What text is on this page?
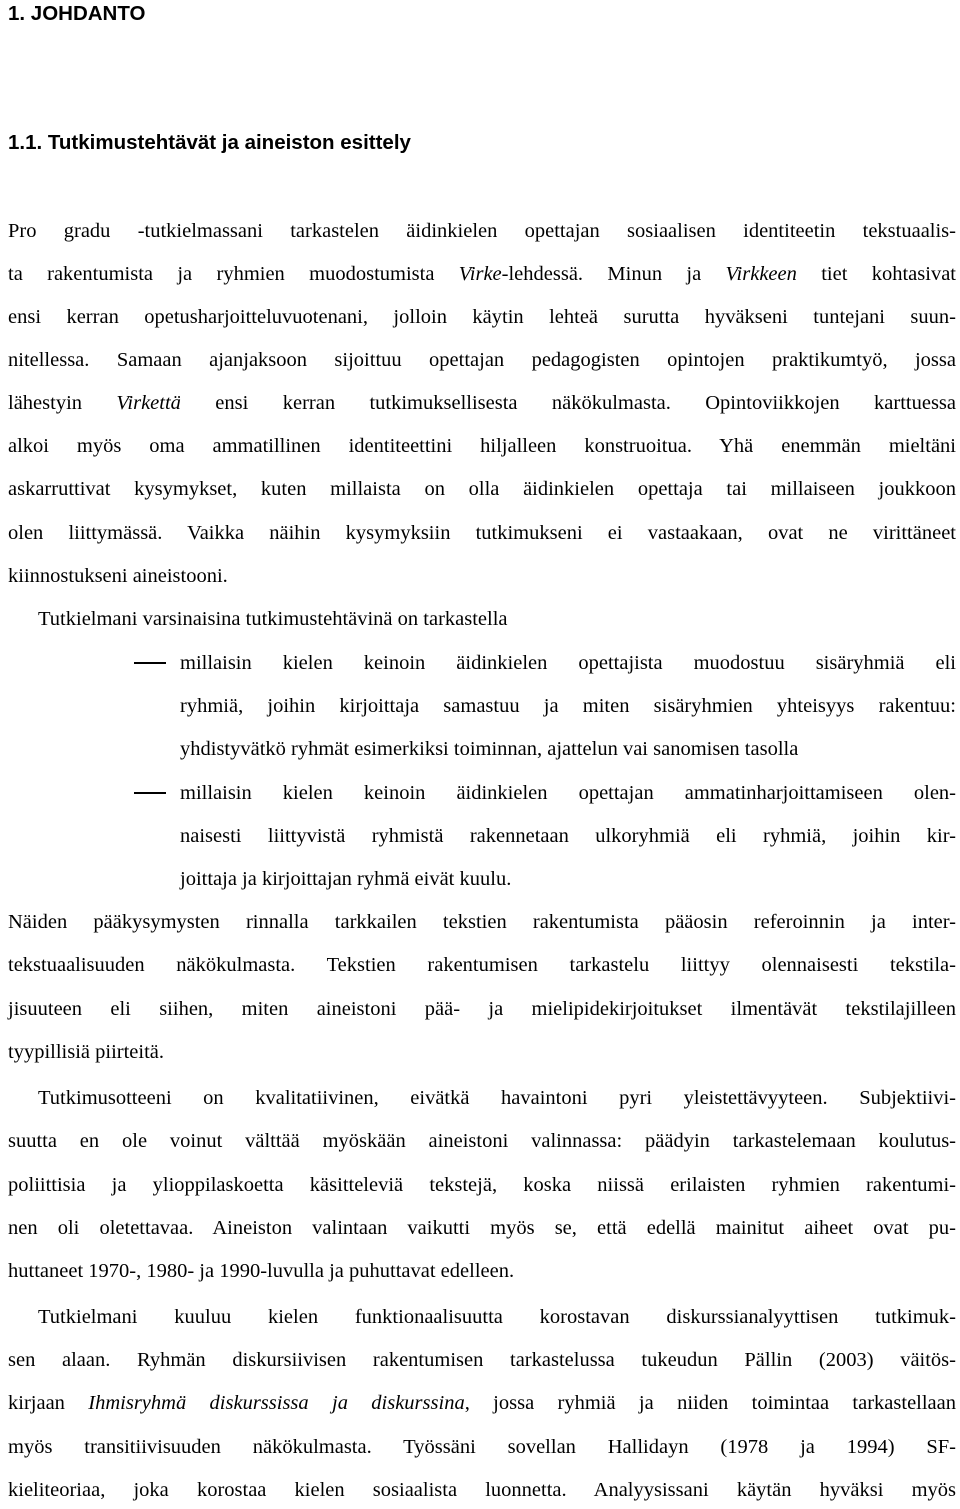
1. JOHDANTO
1.1. Tutkimustehtävät ja aineiston esittely
Pro gradu -tutkielmassani tarkastelen äidinkielen opettajan sosiaalisen identiteetin tekstuaalis-
ta rakentumista ja ryhmien muodostumista Virke-lehdessä. Minun ja Virkkeen tiet kohtasivat
ensi kerran opetusharjoitteluvuotenani, jolloin käytin lehteä surutta hyväkseni tuntejani suun-
nitellessa. Samaan ajanjaksoon sijoittuu opettajan pedagogisten opintojen praktikumtyö, jossa
lähestyin Virkettä ensi kerran tutkimuksellisesta näkökulmasta. Opintoviikkojen karttuessa
alkoi myös oma ammatillinen identiteettini hiljalleen konstruoitua. Yhä enemmän mieltäni
askarruttivat kysymykset, kuten millaista on olla äidinkielen opettaja tai millaiseen joukkoon
olen liittymässä. Vaikka näihin kysymyksiin tutkimukseni ei vastaakaan, ovat ne virittäneet
kiinnostukseni aineistooni.
Tutkielmani varsinaisina tutkimustehtävinä on tarkastella
millaisin kielen keinoin äidinkielen opettajista muodostuu sisäryhmiä eli
ryhmiä, joihin kirjoittaja samastuu ja miten sisäryhmien yhteisyys rakentuu:
yhdistyvätkö ryhmät esimerkiksi toiminnan, ajattelun vai sanomisen tasolla
millaisin kielen keinoin äidinkielen opettajan ammatinharjoittamiseen olen-
naisesti liittyvistä ryhmistä rakennetaan ulkoryhmiä eli ryhmiä, joihin kir-
joittaja ja kirjoittajan ryhmä eivät kuulu.
Näiden pääkysymysten rinnalla tarkkailen tekstien rakentumista pääosin referoinnin ja inter-
tekstuaalisuuden näkökulmasta. Tekstien rakentumisen tarkastelu liittyy olennaisesti tekstila-
jisuuteen eli siihen, miten aineistoni pää- ja mielipidekirjoitukset ilmentävät tekstilajilleen
tyypillisiä piirteitä.
Tutkimusotteeni on kvalitatiivinen, eivätkä havaintoni pyri yleistettävyyteen. Subjektiivi-
suutta en ole voinut välttää myöskään aineistoni valinnassa: päädyin tarkastelemaan koulutus-
poliittisia ja ylioppilaskoetta käsitteleviä tekstejä, koska niissä erilaisten ryhmien rakentumi-
nen oli oletettavaa. Aineiston valintaan vaikutti myös se, että edellä mainitut aiheet ovat pu-
huttaneet 1970-, 1980- ja 1990-luvulla ja puhuttavat edelleen.
Tutkielmani kuuluu kielen funktionaalisuutta korostavan diskurssianalyyttisen tutkimuk-
sen alaan. Ryhmän diskursiivisen rakentumisen tarkastelussa tukeudun Pällin (2003) väitös-
kirjaan Ihmisryhmä diskurssissa ja diskurssina, jossa ryhmiä ja niiden toimintaa tarkastellaan
myös transitiivisuuden näkökulmasta. Työssäni sovellan Hallidayn (1978 ja 1994) SF-
kieliteoriaa, joka korostaa kielen sosiaalista luonnetta. Analyysissani käytän hyväksi myös
